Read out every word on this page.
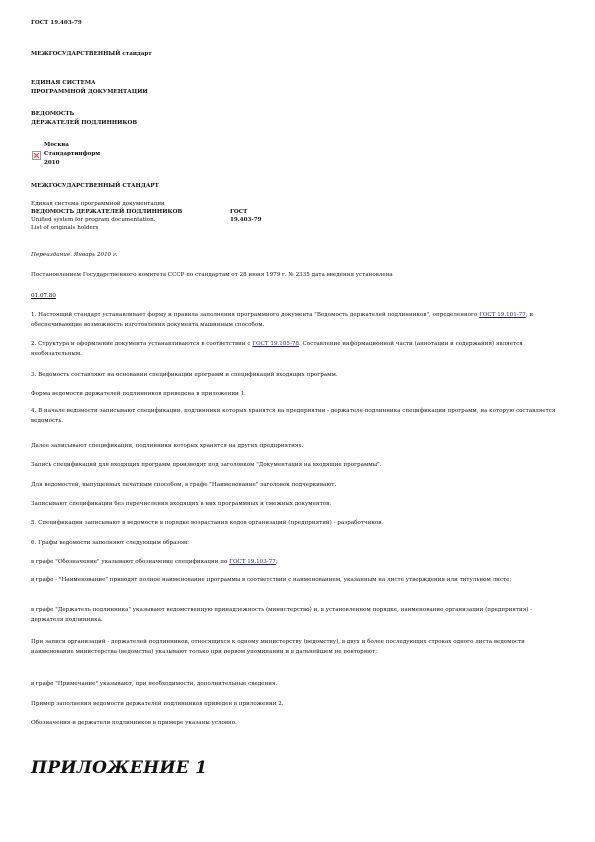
ГОСТ 19.403-79
МЕЖГОСУДАРСТВЕННЫЙ стандарт
ЕДИНАЯ СИСТЕМА
ПРОГРАММНОЙ ДОКУМЕНТАЦИИ
ВЕДОМОСТЬ
ДЕРЖАТЕЛЕЙ ПОДЛИННИКОВ
Москва
Стандартинформ
2010
МЕЖГОСУДАРСТВЕННЫЙ СТАНДАРТ
Единая система программной документации	
ВЕДОМОСТЬ ДЕРЖАТЕЛЕЙ ПОДЛИННИКОВ	ГОСТ
Unified system for program documentation.	19.403-79
List of originals holders	
Переиздание. Январь 2010 г.
Постановлением Государственного комитета СССР по стандартам от 28 июня 1979 г. № 2335 дата введения установлена
01.07.80
1. Настоящий стандарт устанавливает форму и правила заполнения программного документа "Ведомость держателей подлинников", определенного ГОСТ 19.101-77, и обеспечивающие возможность изготовления документа машинным способом.
2. Структура и оформление документа устанавливаются в соответствии с ГОСТ 19.105-78. Составление информационной части (аннотации и содержания) является необязательным.
3. Ведомость составляют на основании спецификации программ и спецификаций входящих программ.
Форма ведомости держателей подлинников приведена в приложении 1.
4. В начале ведомости записывают спецификации, подлинники которых хранятся на предприятии - держателе подлинника спецификации программ, на которую составляется ведомость.
Далее записывают спецификации, подлинники которых хранятся на других предприятиях.
Запись спецификаций для входящих программ производят под заголовком "Документация на входящие программы".
Для ведомостей, выпущенных печатным способом, в графе "Наименование" заголовок подчеркивают.
Записывают спецификации без перечисления входящих в них программных и смежных документов.
5. Спецификации записывают в ведомости в порядке возрастания кодов организаций (предприятий) - разработчиков.
6. Графы ведомости заполняют следующим образом:
в графе "Обозначение" указывают обозначение спецификации по ГОСТ 19.103-77;
в графе - "Наименование" приводят полное наименование программы в соответствии с наименованием, указанным на листе утверждения или титульном листе;
в графе "Держатель подлинника" указывают ведомственную принадлежность (министерство) и, в установленном порядке, наименование организации (предприятия) - держателя подлинника.
При записи организаций - держателей подлинников, относящихся к одному министерству (ведомству), в двух и более последующих строках одного листа ведомости наименование министерства (ведомства) указывают только при первом упоминании и в дальнейшем не повторяют;
в графе "Примечание" указывают, при необходимости, дополнительные сведения.
Пример заполнения ведомости держателей подлинников приведен в приложении 2.
Обозначения и держатели подлинников в примере указаны условно.
ПРИЛОЖЕНИЕ 1
